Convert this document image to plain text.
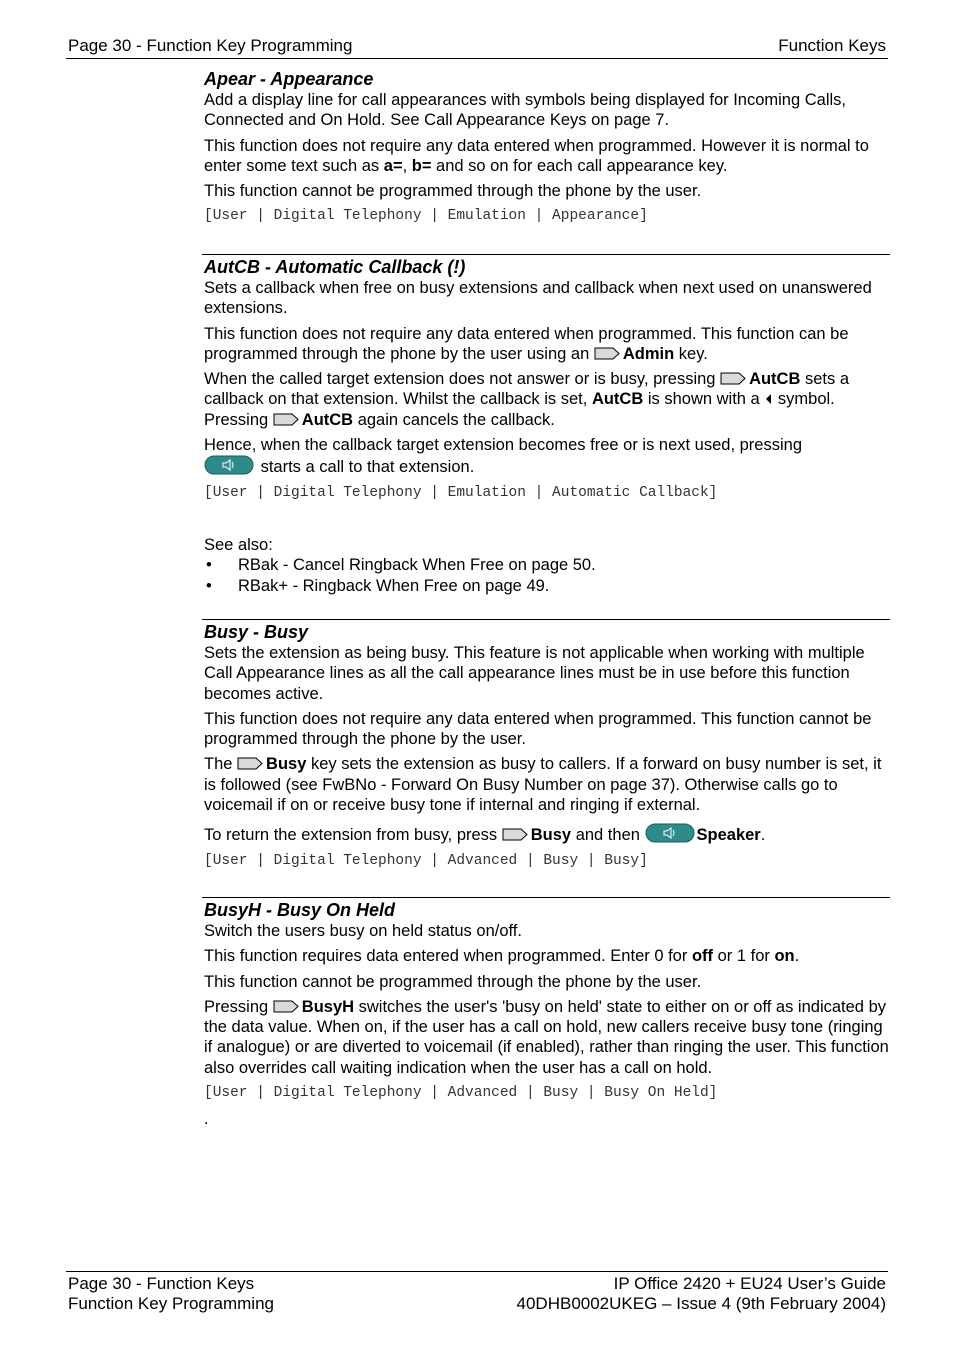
Page 30 - Function Key Programming	Function Keys
Apear - Appearance

Add a display line for call appearances with symbols being displayed for Incoming Calls, Connected and On Hold. See Call Appearance Keys on page 7.

This function does not require any data entered when programmed. However it is normal to enter some text such as a=, b= and so on for each call appearance key.

This function cannot be programmed through the phone by the user.

[User | Digital Telephony | Emulation | Appearance]
AutCB - Automatic Callback (!)

Sets a callback when free on busy extensions and callback when next used on unanswered extensions.

This function does not require any data entered when programmed. This function can be programmed through the phone by the user using an Admin key.

When the called target extension does not answer or is busy, pressing AutCB sets a callback on that extension. Whilst the callback is set, AutCB is shown with a  symbol. Pressing AutCB again cancels the callback.

Hence, when the callback target extension becomes free or is next used, pressing
starts a call to that extension.

[User | Digital Telephony | Emulation | Automatic Callback]
See also:
• RBak - Cancel Ringback When Free on page 50.
• RBak+ - Ringback When Free on page 49.
Busy - Busy

Sets the extension as being busy. This feature is not applicable when working with multiple Call Appearance lines as all the call appearance lines must be in use before this function becomes active.

This function does not require any data entered when programmed. This function cannot be programmed through the phone by the user.

The Busy key sets the extension as busy to callers. If a forward on busy number is set, it is followed (see FwBNo - Forward On Busy Number on page 37). Otherwise calls go to voicemail if on or receive busy tone if internal and ringing if external.

To return the extension from busy, press Busy and then	Speaker.

[User | Digital Telephony | Advanced | Busy | Busy]
BusyH - Busy On Held

Switch the users busy on held status on/off.

This function requires data entered when programmed. Enter 0 for off or 1 for on.

This function cannot be programmed through the phone by the user.

Pressing BusyH switches the user's 'busy on held' state to either on or off as indicated by the data value. When on, if the user has a call on hold, new callers receive busy tone (ringing if analogue) or are diverted to voicemail (if enabled), rather than ringing the user. This function also overrides call waiting indication when the user has a call on hold.

[User | Digital Telephony | Advanced | Busy | Busy On Held]
.
Page 30 - Function Keys
Function Key Programming
IP Office 2420 + EU24 User’s Guide
40DHB0002UKEG – Issue 4 (9th February 2004)
